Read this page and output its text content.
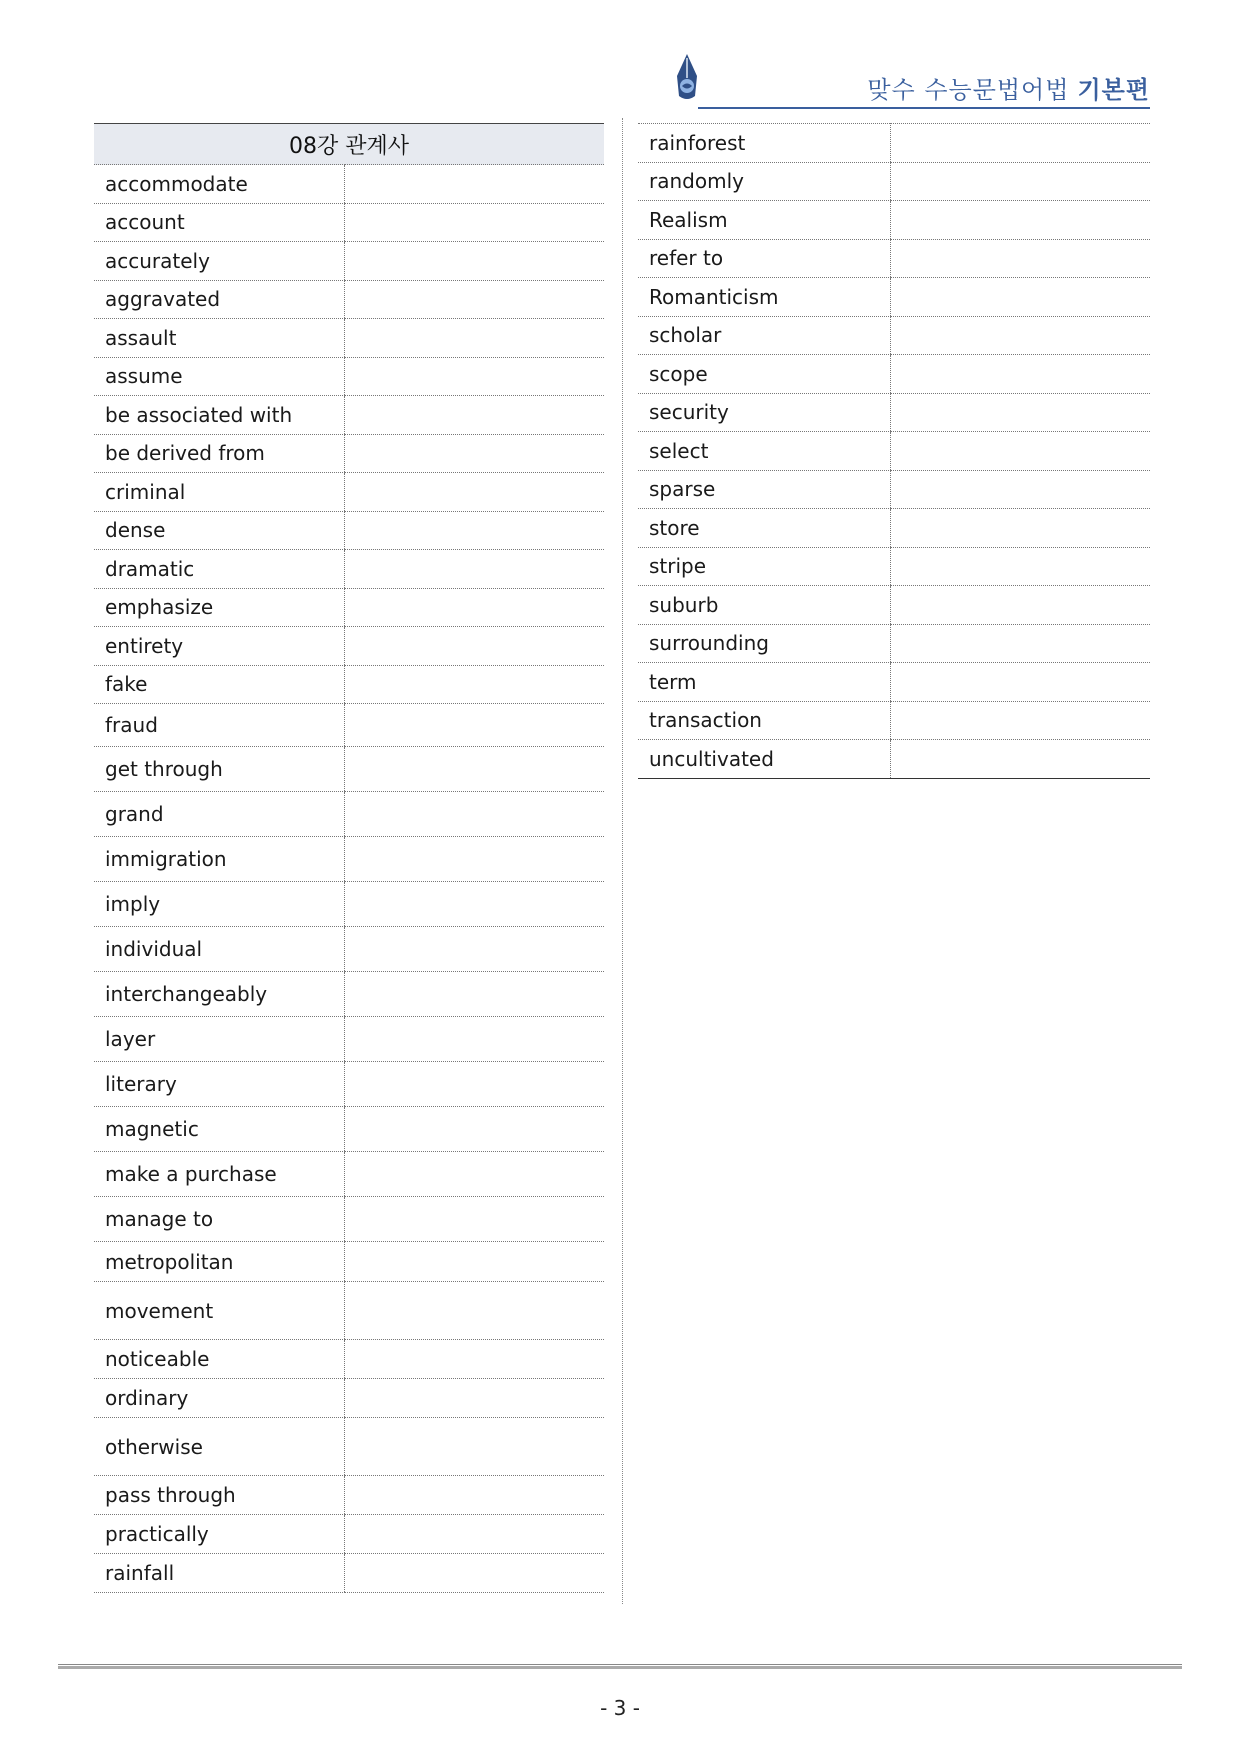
맞수 수능문법어법 기본편
08강 관계사	
accommodate	
account	
accurately	
aggravated	
assault	
assume	
be associated with	
be derived from	
criminal	
dense	
dramatic	
emphasize	
entirety	
fake	
fraud	
get through	
grand	
immigration	
imply	
individual	
interchangeably	
layer	
literary	
magnetic	
make a purchase	
manage to	
metropolitan	
movement	
noticeable	
ordinary	
otherwise	
pass through	
practically	
rainfall	
rainforest	
randomly	
Realism	
refer to	
Romanticism	
scholar	
scope	
security	
select	
sparse	
store	
stripe	
suburb	
surrounding	
term	
transaction	
uncultivated	
- 3 -
